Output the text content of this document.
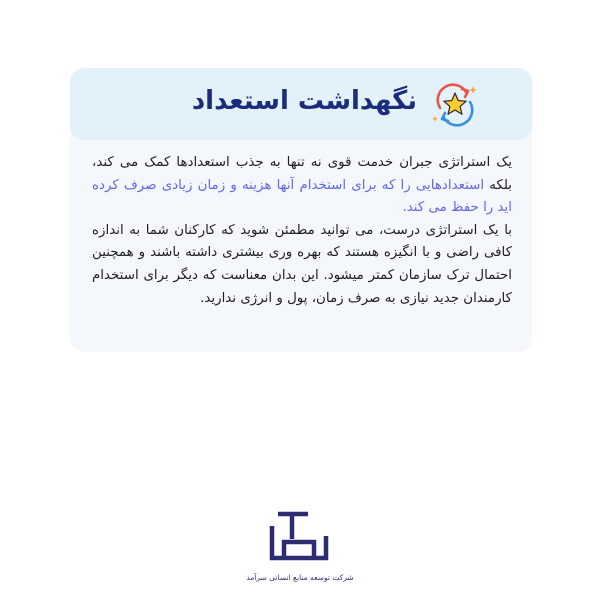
نگهداشت استعداد

یک استراتژی جبران خدمت قوی نه تنها به جذب استعدادها کمک می کند، بلکه استعدادهایی را که برای استخدام آنها هزینه و زمان زیادی صرف کرده اید را حفظ می کند.

با یک استراتژی درست، می توانید مطمئن شوید که کارکنان شما به اندازه کافی راضی و با انگیزه هستند که بهره وری بیشتری داشته باشند و همچنین احتمال ترک سازمان کمتر میشود. این بدان معناست که دیگر برای استخدام کارمندان جدید نیازی به صرف زمان، پول و انرژی ندارید.

شرکت توسعه منابع انسانی سرآمد
